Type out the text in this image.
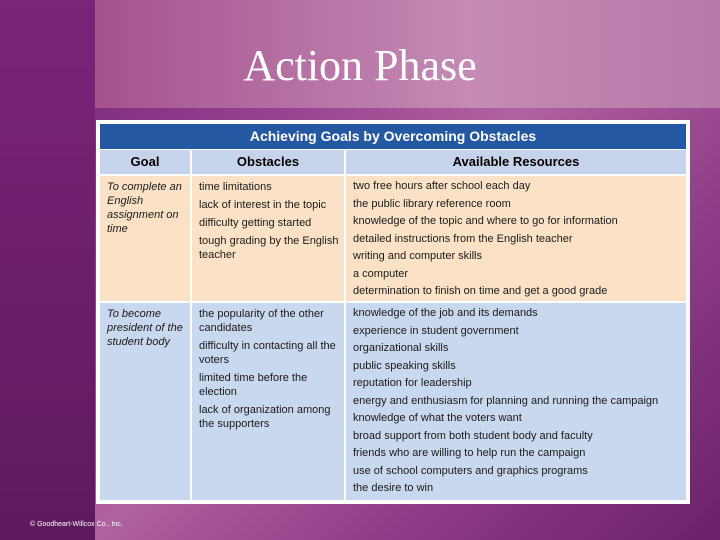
Action Phase
Achieving Goals by Overcoming Obstacles
Goal	Obstacles	Available Resources
To complete an English assignment on time
time limitations
lack of interest in the topic
difficulty getting started
tough grading by the English teacher
two free hours after school each day
the public library reference room
knowledge of the topic and where to go for information
detailed instructions from the English teacher
writing and computer skills
a computer
determination to finish on time and get a good grade
To become president of the student body
the popularity of the other candidates
difficulty in contacting all the voters
limited time before the election
lack of organization among the supporters
knowledge of the job and its demands
experience in student government
organizational skills
public speaking skills
reputation for leadership
energy and enthusiasm for planning and running the campaign
knowledge of what the voters want
broad support from both student body and faculty
friends who are willing to help run the campaign
use of school computers and graphics programs
the desire to win
© Goodheart-Willcox Co., Inc.
